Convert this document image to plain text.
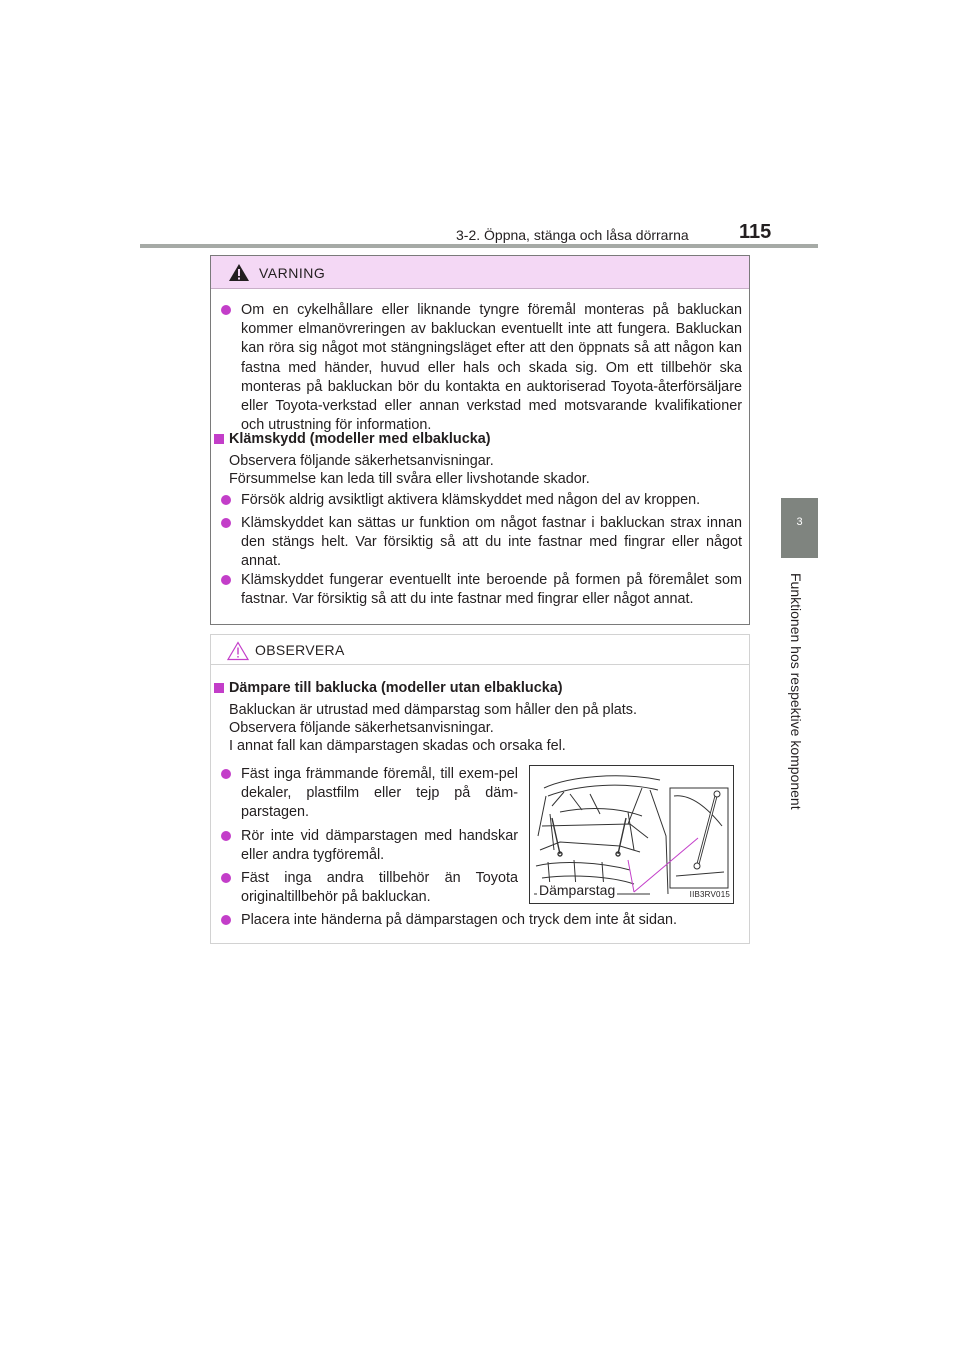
3-2. Öppna, stänga och låsa dörrarna	115
3
Funktionen hos respektive komponent
VARNING
Om en cykelhållare eller liknande tyngre föremål monteras på bakluckan kommer elmanövreringen av bakluckan eventuellt inte att fungera. Bakluckan kan röra sig något mot stängningsläget efter att den öppnats så att någon kan fastna med händer, huvud eller hals och skada sig. Om ett tillbehör ska monteras på bakluckan bör du kontakta en auktoriserad Toyota-återförsäljare eller Toyota-verkstad eller annan verkstad med motsvarande kvalifikationer och utrustning för information.
Klämskydd (modeller med elbaklucka)
Observera följande säkerhetsanvisningar.
Försummelse kan leda till svåra eller livshotande skador.
Försök aldrig avsiktligt aktivera klämskyddet med någon del av kroppen.
Klämskyddet kan sättas ur funktion om något fastnar i bakluckan strax innan den stängs helt. Var försiktig så att du inte fastnar med fingrar eller något annat.
Klämskyddet fungerar eventuellt inte beroende på formen på föremålet som fastnar. Var försiktig så att du inte fastnar med fingrar eller något annat.
OBSERVERA
Dämpare till baklucka (modeller utan elbaklucka)
Bakluckan är utrustad med dämparstag som håller den på plats.
Observera följande säkerhetsanvisningar.
I annat fall kan dämparstagen skadas och orsaka fel.
Fäst inga främmande föremål, till exem-pel dekaler, plastfilm eller tejp på däm-parstagen.
Rör inte vid dämparstagen med handskar eller andra tygföremål.
Fäst inga andra tillbehör än Toyota originaltillbehör på bakluckan.
Placera inte händerna på dämparstagen och tryck dem inte åt sidan.
Dämparstag	IIB3RV015
